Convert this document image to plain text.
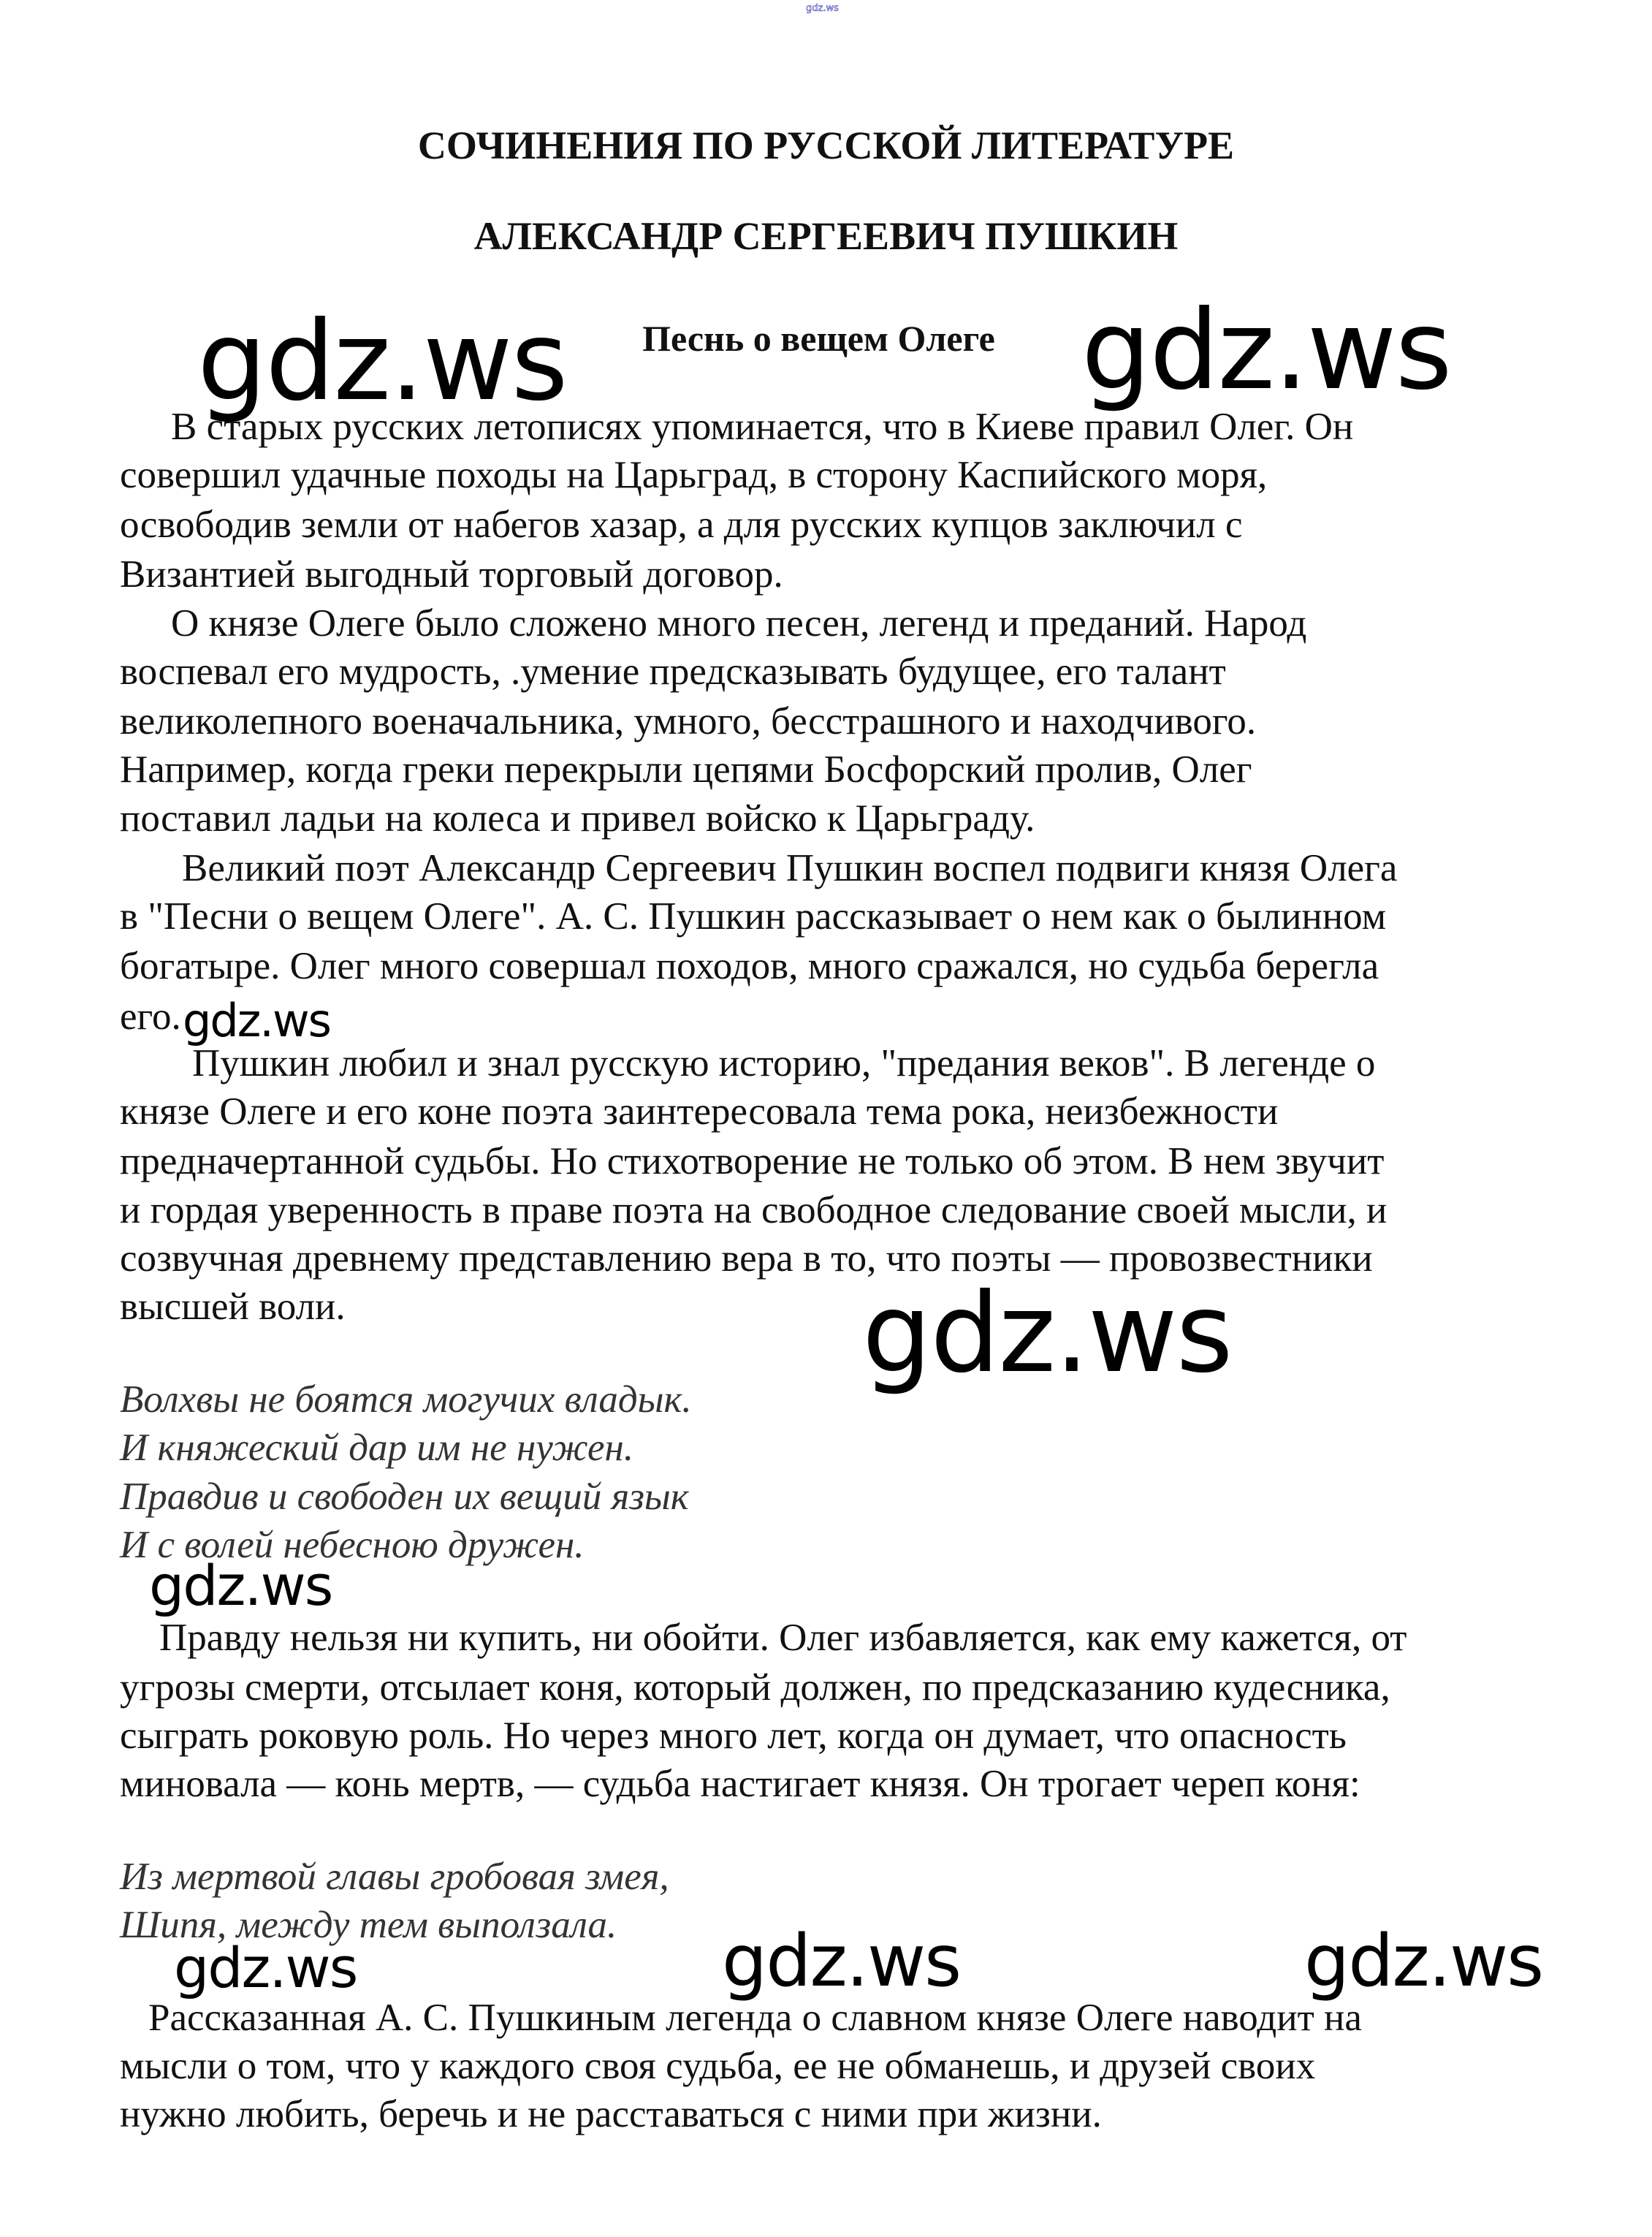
gdz.ws
СОЧИНЕНИЯ ПО РУССКОЙ ЛИТЕРАТУРЕ
АЛЕКСАНДР СЕРГЕЕВИЧ ПУШКИН
Песнь о вещем Олеге
В старых русских летописях упоминается, что в Киеве правил Олег. Он
совершил удачные походы на Царьград, в сторону Каспийского моря,
освободив земли от набегов хазар, а для русских купцов заключил с
Византией выгодный торговый договор.
О князе Олеге было сложено много песен, легенд и преданий. Народ
воспевал его мудрость, .умение предсказывать будущее, его талант
великолепного военачальника, умного, бесстрашного и находчивого.
Например, когда греки перекрыли цепями Босфорский пролив, Олег
поставил ладьи на колеса и привел войско к Царьграду.
Великий поэт Александр Сергеевич Пушкин воспел подвиги князя Олега
в "Песни о вещем Олеге". А. С. Пушкин рассказывает о нем как о былинном
богатыре. Олег много совершал походов, много сражался, но судьба берегла
его.
Пушкин любил и знал русскую историю, "предания веков". В легенде о
князе Олеге и его коне поэта заинтересовала тема рока, неизбежности
предначертанной судьбы. Но стихотворение не только об этом. В нем звучит
и гордая уверенность в праве поэта на свободное следование своей мысли, и
созвучная древнему представлению вера в то, что поэты — провозвестники
высшей воли.
Волхвы не боятся могучих владык.
И княжеский дар им не нужен.
Правдив и свободен их вещий язык
И с волей небесною дружен.
Правду нельзя ни купить, ни обойти. Олег избавляется, как ему кажется, от
угрозы смерти, отсылает коня, который должен, по предсказанию кудесника,
сыграть роковую роль. Но через много лет, когда он думает, что опасность
миновала — конь мертв, — судьба настигает князя. Он трогает череп коня:
Из мертвой главы гробовая змея,
Шипя, между тем выползала.
Рассказанная А. С. Пушкиным легенда о славном князе Олеге наводит на
мысли о том, что у каждого своя судьба, ее не обманешь, и друзей своих
нужно любить, беречь и не расставаться с ними при жизни.
gdz.ws	gdz.ws
gdz.ws
gdz.ws
gdz.ws
gdz.ws	gdz.ws	gdz.ws
